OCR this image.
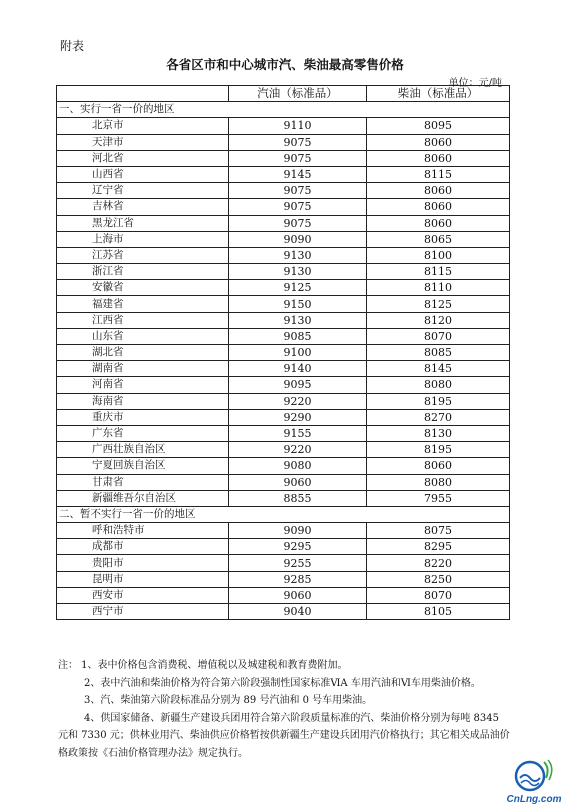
附表
各省区市和中心城市汽、柴油最高零售价格
单位：元/吨
	汽油（标准品）	柴油（标准品）
一、实行一省一价的地区		
北京市	9110	8095
天津市	9075	8060
河北省	9075	8060
山西省	9145	8115
辽宁省	9075	8060
吉林省	9075	8060
黑龙江省	9075	8060
上海市	9090	8065
江苏省	9130	8100
浙江省	9130	8115
安徽省	9125	8110
福建省	9150	8125
江西省	9130	8120
山东省	9085	8070
湖北省	9100	8085
湖南省	9140	8145
河南省	9095	8080
海南省	9220	8195
重庆市	9290	8270
广东省	9155	8130
广西壮族自治区	9220	8195
宁夏回族自治区	9080	8060
甘肃省	9060	8080
新疆维吾尔自治区	8855	7955
二、暂不实行一省一价的地区		
呼和浩特市	9090	8075
成都市	9295	8295
贵阳市	9255	8220
昆明市	9285	8250
西安市	9060	8070
西宁市	9040	8105

注： 1、表中价格包含消费税、增值税以及城建税和教育费附加。

2、表中汽油和柴油价格为符合第六阶段强制性国家标准ⅥA 车用汽油和Ⅵ车用柴油价格。

3、汽、柴油第六阶段标准品分别为 89 号汽油和 0 号车用柴油。

4、供国家储备、新疆生产建设兵团用符合第六阶段质量标准的汽、柴油价格分别为每吨 8345 元和 7330 元；供林业用汽、柴油供应价格暂按供新疆生产建设兵团用汽价格执行；其它相关成品油价格政策按《石油价格管理办法》规定执行。

CnLng.com
